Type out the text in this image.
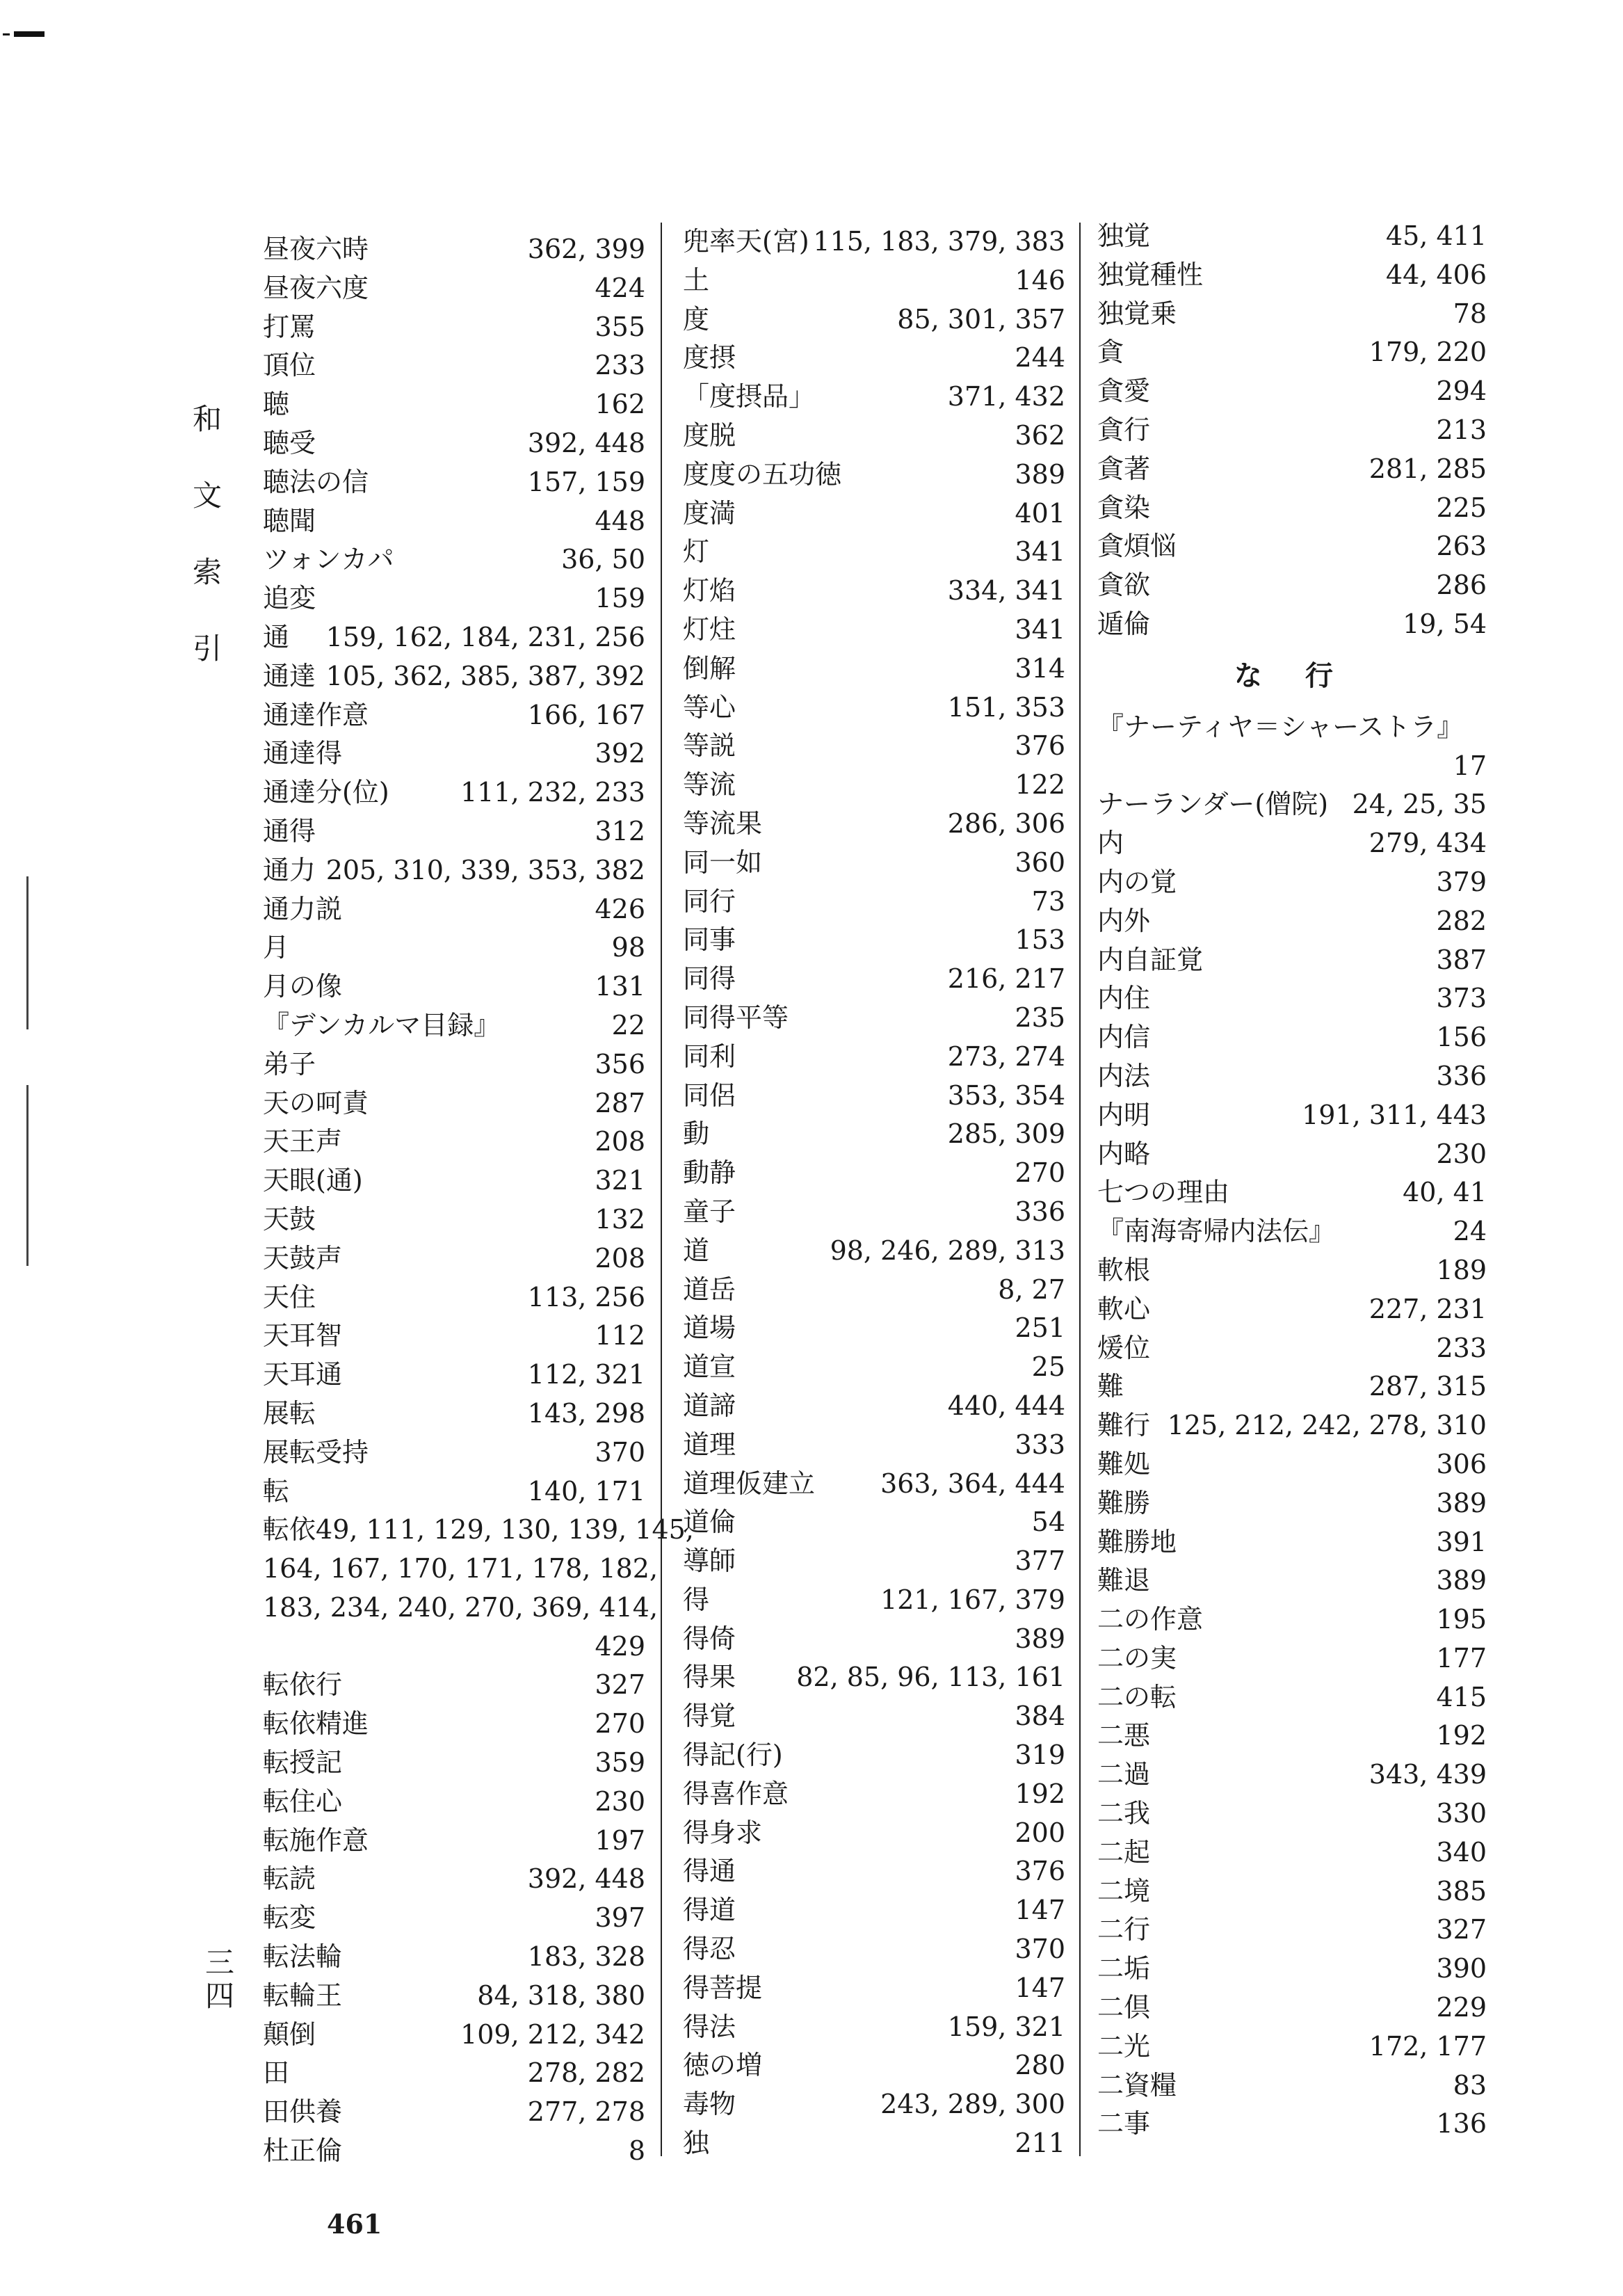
和
文
索
引
三
四
昼夜六時	362, 399
昼夜六度	424
打罵	355
頂位	233
聴	162
聴受	392, 448
聴法の信	157, 159
聴聞	448
ツォンカパ	36, 50
追変	159
通 159, 162, 184, 231, 256
通達 105, 362, 385, 387, 392
通達作意	166, 167
通達得	392
通達分(位)	111, 232, 233
通得	312
通力 205, 310, 339, 353, 382
通力説	426
月	98
月の像	131
『デンカルマ目録』	22
弟子	356
天の呵責	287
天王声	208
天眼(通)	321
天鼓	132
天鼓声	208
天住	113, 256
天耳智	112
天耳通	112, 321
展転	143, 298
展転受持	370
転	140, 171
転依 49, 111, 129, 130, 139, 145,
164, 167, 170, 171, 178, 182,
183, 234, 240, 270, 369, 414,
429
転依行	327
転依精進	270
転授記	359
転住心	230
転施作意	197
転読	392, 448
転変	397
転法輪	183, 328
転輪王	84, 318, 380
顛倒	109, 212, 342
田	278, 282
田供養	277, 278
杜正倫	8
兜率天(宮) 115, 183, 379, 383
土	146
度	85, 301, 357
度摂	244
「度摂品」	371, 432
度脱	362
度度の五功徳	389
度満	401
灯	341
灯焰	334, 341
灯炷	341
倒解	314
等心	151, 353
等説	376
等流	122
等流果	286, 306
同一如	360
同行	73
同事	153
同得	216, 217
同得平等	235
同利	273, 274
同侶	353, 354
動	285, 309
動静	270
童子	336
道	98, 246, 289, 313
道岳	8, 27
道場	251
道宣	25
道諦	440, 444
道理	333
道理仮建立 363, 364, 444
道倫	54
導師	377
得	121, 167, 379
得倚	389
得果 82, 85, 96, 113, 161
得覚	384
得記(行)	319
得喜作意	192
得身求	200
得通	376
得道	147
得忍	370
得菩提	147
得法	159, 321
徳の増	280
毒物	243, 289, 300
独	211
独覚	45, 411
独覚種性	44, 406
独覚乗	78
貪	179, 220
貪愛	294
貪行	213
貪著	281, 285
貪染	225
貪煩悩	263
貪欲	286
遁倫	19, 54
な 行
『ナーティヤ＝シャーストラ』
17
ナーランダー(僧院) 24, 25, 35
内	279, 434
内の覚	379
内外	282
内自証覚	387
内住	373
内信	156
内法	336
内明	191, 311, 443
内略	230
七つの理由	40, 41
『南海寄帰内法伝』	24
軟根	189
軟心	227, 231
煖位	233
難	287, 315
難行 125, 212, 242, 278, 310
難処	306
難勝	389
難勝地	391
難退	389
二の作意	195
二の実	177
二の転	415
二悪	192
二過	343, 439
二我	330
二起	340
二境	385
二行	327
二垢	390
二倶	229
二光	172, 177
二資糧	83
二事	136
461
